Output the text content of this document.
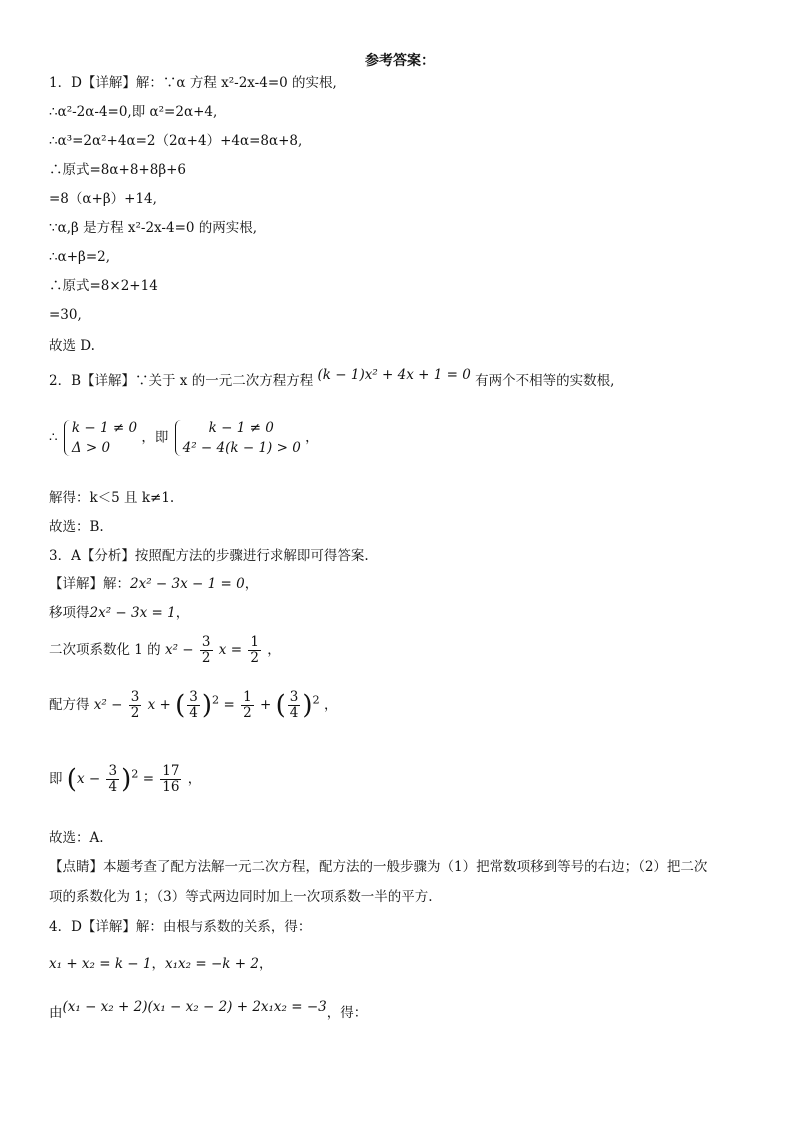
参考答案：
1．D【详解】解：∵α 方程 x²-2x-4=0 的实根,
∴α²-2α-4=0,即 α²=2α+4,
∴α³=2α²+4α=2（2α+4）+4α=8α+8,
∴原式=8α+8+8β+6
=8（α+β）+14,
∵α,β 是方程 x²-2x-4=0 的两实根,
∴α+β=2,
∴原式=8×2+14
=30,
故选 D.
2．B【详解】∵关于 x 的一元二次方程方程 (k − 1)x² + 4x + 1 = 0 有两个不相等的实数根,
∴
k − 1 ≠ 0
Δ > 0
，即
k − 1 ≠ 0
4² − 4(k − 1) > 0
，
解得：k＜5 且 k≠1.
故选：B.
3．A【分析】按照配方法的步骤进行求解即可得答案.
【详解】解：2x² − 3x − 1 = 0，
移项得2x² − 3x = 1，
二次项系数化 1 的 $x^2 - \frac{3}{2}$ $x = \frac{1}{2}$ ，
配方得 $x^2 - \frac{3}{2}$ x + ( $\frac{3}{4} )^2 = \frac{1}{2}$ + ( $\frac{3}{4} )^2$ ，
即 $(x - \frac{3}{4} )^2 = \frac{17}{16}$ ，
故选：A.
【点睛】本题考查了配方法解一元二次方程，配方法的一般步骤为（1）把常数项移到等号的右边；（2）把二次
项的系数化为 1；（3）等式两边同时加上一次项系数一半的平方.
4．D【详解】解：由根与系数的关系，得：
x₁ + x₂ = k − 1，x₁x₂ = −k + 2，
由(x₁ − x₂ + 2)(x₁ − x₂ − 2) + 2x₁x₂ = −3，得：
